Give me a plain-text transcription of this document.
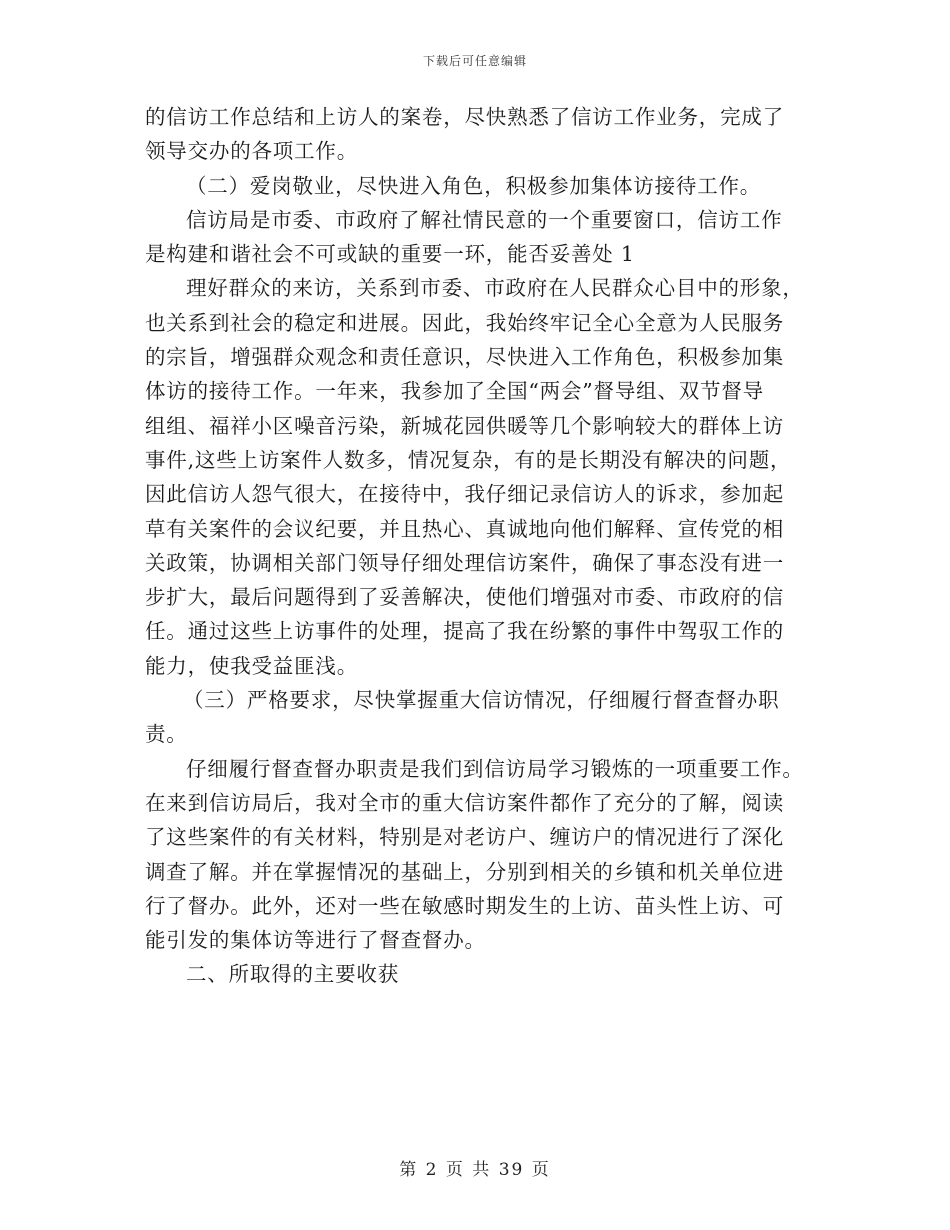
下载后可任意编辑
的信访工作总结和上访人的案卷，尽快熟悉了信访工作业务，完成了
领导交办的各项工作。
（二）爱岗敬业，尽快进入角色，积极参加集体访接待工作。
信访局是市委、市政府了解社情民意的一个重要窗口，信访工作
是构建和谐社会不可或缺的重要一环，能否妥善处 1
理好群众的来访，关系到市委、市政府在人民群众心目中的形象，
也关系到社会的稳定和进展。因此，我始终牢记全心全意为人民服务
的宗旨，增强群众观念和责任意识，尽快进入工作角色，积极参加集
体访的接待工作。一年来，我参加了全国“两会”督导组、双节督导
组组、福祥小区噪音污染，新城花园供暖等几个影响较大的群体上访
事件,这些上访案件人数多，情况复杂，有的是长期没有解决的问题，
因此信访人怨气很大，在接待中，我仔细记录信访人的诉求，参加起
草有关案件的会议纪要，并且热心、真诚地向他们解释、宣传党的相
关政策，协调相关部门领导仔细处理信访案件，确保了事态没有进一
步扩大，最后问题得到了妥善解决，使他们增强对市委、市政府的信
任。通过这些上访事件的处理，提高了我在纷繁的事件中驾驭工作的
能力，使我受益匪浅。
（三）严格要求，尽快掌握重大信访情况，仔细履行督查督办职
责。
仔细履行督查督办职责是我们到信访局学习锻炼的一项重要工作。
在来到信访局后，我对全市的重大信访案件都作了充分的了解，阅读
了这些案件的有关材料，特别是对老访户、缠访户的情况进行了深化
调查了解。并在掌握情况的基础上，分别到相关的乡镇和机关单位进
行了督办。此外，还对一些在敏感时期发生的上访、苗头性上访、可
能引发的集体访等进行了督查督办。
二、所取得的主要收获
第 2 页 共 39 页
